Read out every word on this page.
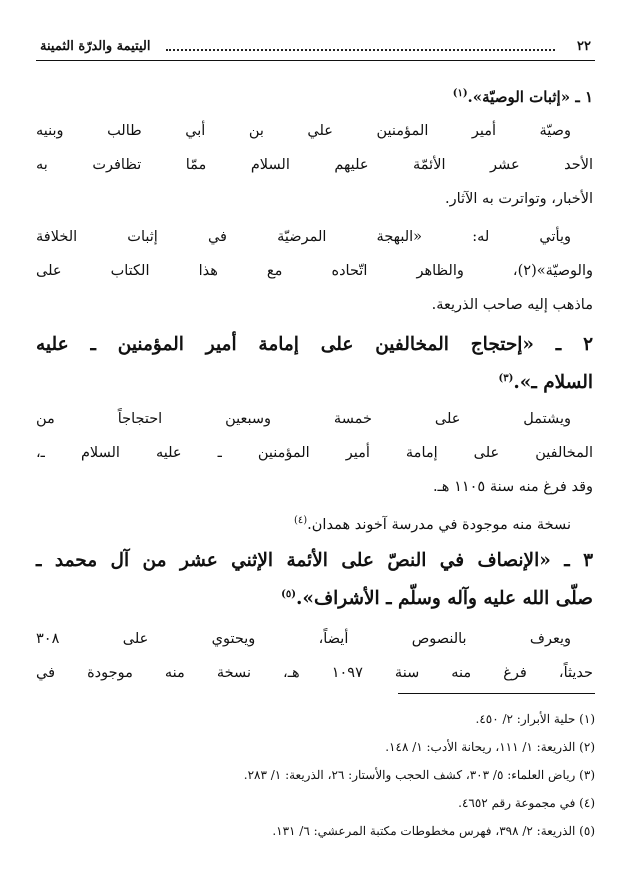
٢٢
اليتيمة والدرّة الثمينة
١ ـ «إثبات الوصيّة».$^{(١)}$
وصيّة أمير المؤمنين علي بن أبي طالب وبنيه
الأحد عشر الأئمّة عليهم السلام ممّا تظافرت به
الأخبار، وتواترت به الآثار.
ويأتي له: «البهجة المرضيّة في إثبات الخلافة
والوصيّة»(٢)، والظاهر اتّحاده مع هذا الكتاب على
ماذهب إليه صاحب الذريعة.
٢ ـ «إحتجاج المخالفين على إمامة أمير المؤمنين ـ عليه
السلام ـ».$^{(٣)}$
ويشتمل على خمسة وسبعين احتجاجاً من
المخالفين على إمامة أمير المؤمنين ـ عليه السلام ـ،
وقد فرغ منه سنة ١١٠٥ هـ.
نسخة منه موجودة في مدرسة آخوند همدان.$^{(٤)}$
٣ ـ «الإنصاف في النصّ على الأئمة الإثني عشر من آل محمد ـ
صلّى الله عليه وآله وسلّم ـ الأشراف».$^{(٥)}$
ويعرف بالنصوص أيضاً، ويحتوي على ٣٠٨
حديثاً، فرغ منه سنة ١٠٩٧ هـ، نسخة منه موجودة في
(١) حلية الأبرار: ٢/ ٤٥٠.
(٢) الذريعة: ١/ ١١١، ريحانة الأدب: ١/ ١٤٨.
(٣) رياض العلماء: ٥/ ٣٠٣، كشف الحجب والأستار: ٢٦، الذريعة: ١/ ٢٨٣.
(٤) في مجموعة رقم ٤٦٥٢.
(٥) الذريعة: ٢/ ٣٩٨، فهرس مخطوطات مكتبة المرعشي: ٦/ ١٣١.
